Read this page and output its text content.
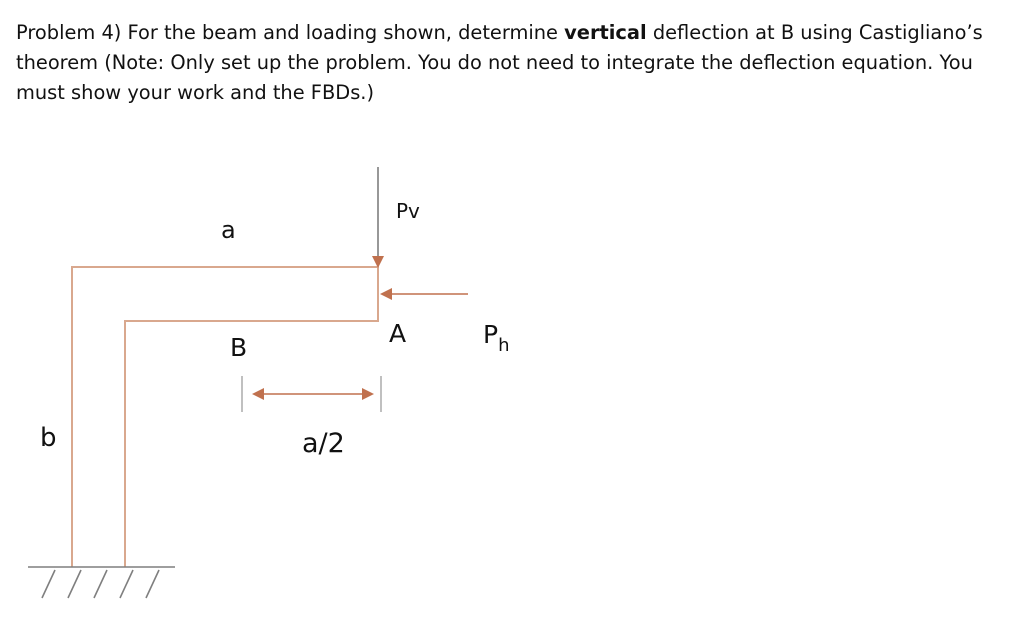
Problem 4) For the beam and loading shown, determine vertical deflection at B using Castigliano’s theorem (Note: Only set up the problem. You do not need to integrate the deflection equation. You must show your work and the FBDs.)

a
b
Pv
A
B	$P_h$
a/2
